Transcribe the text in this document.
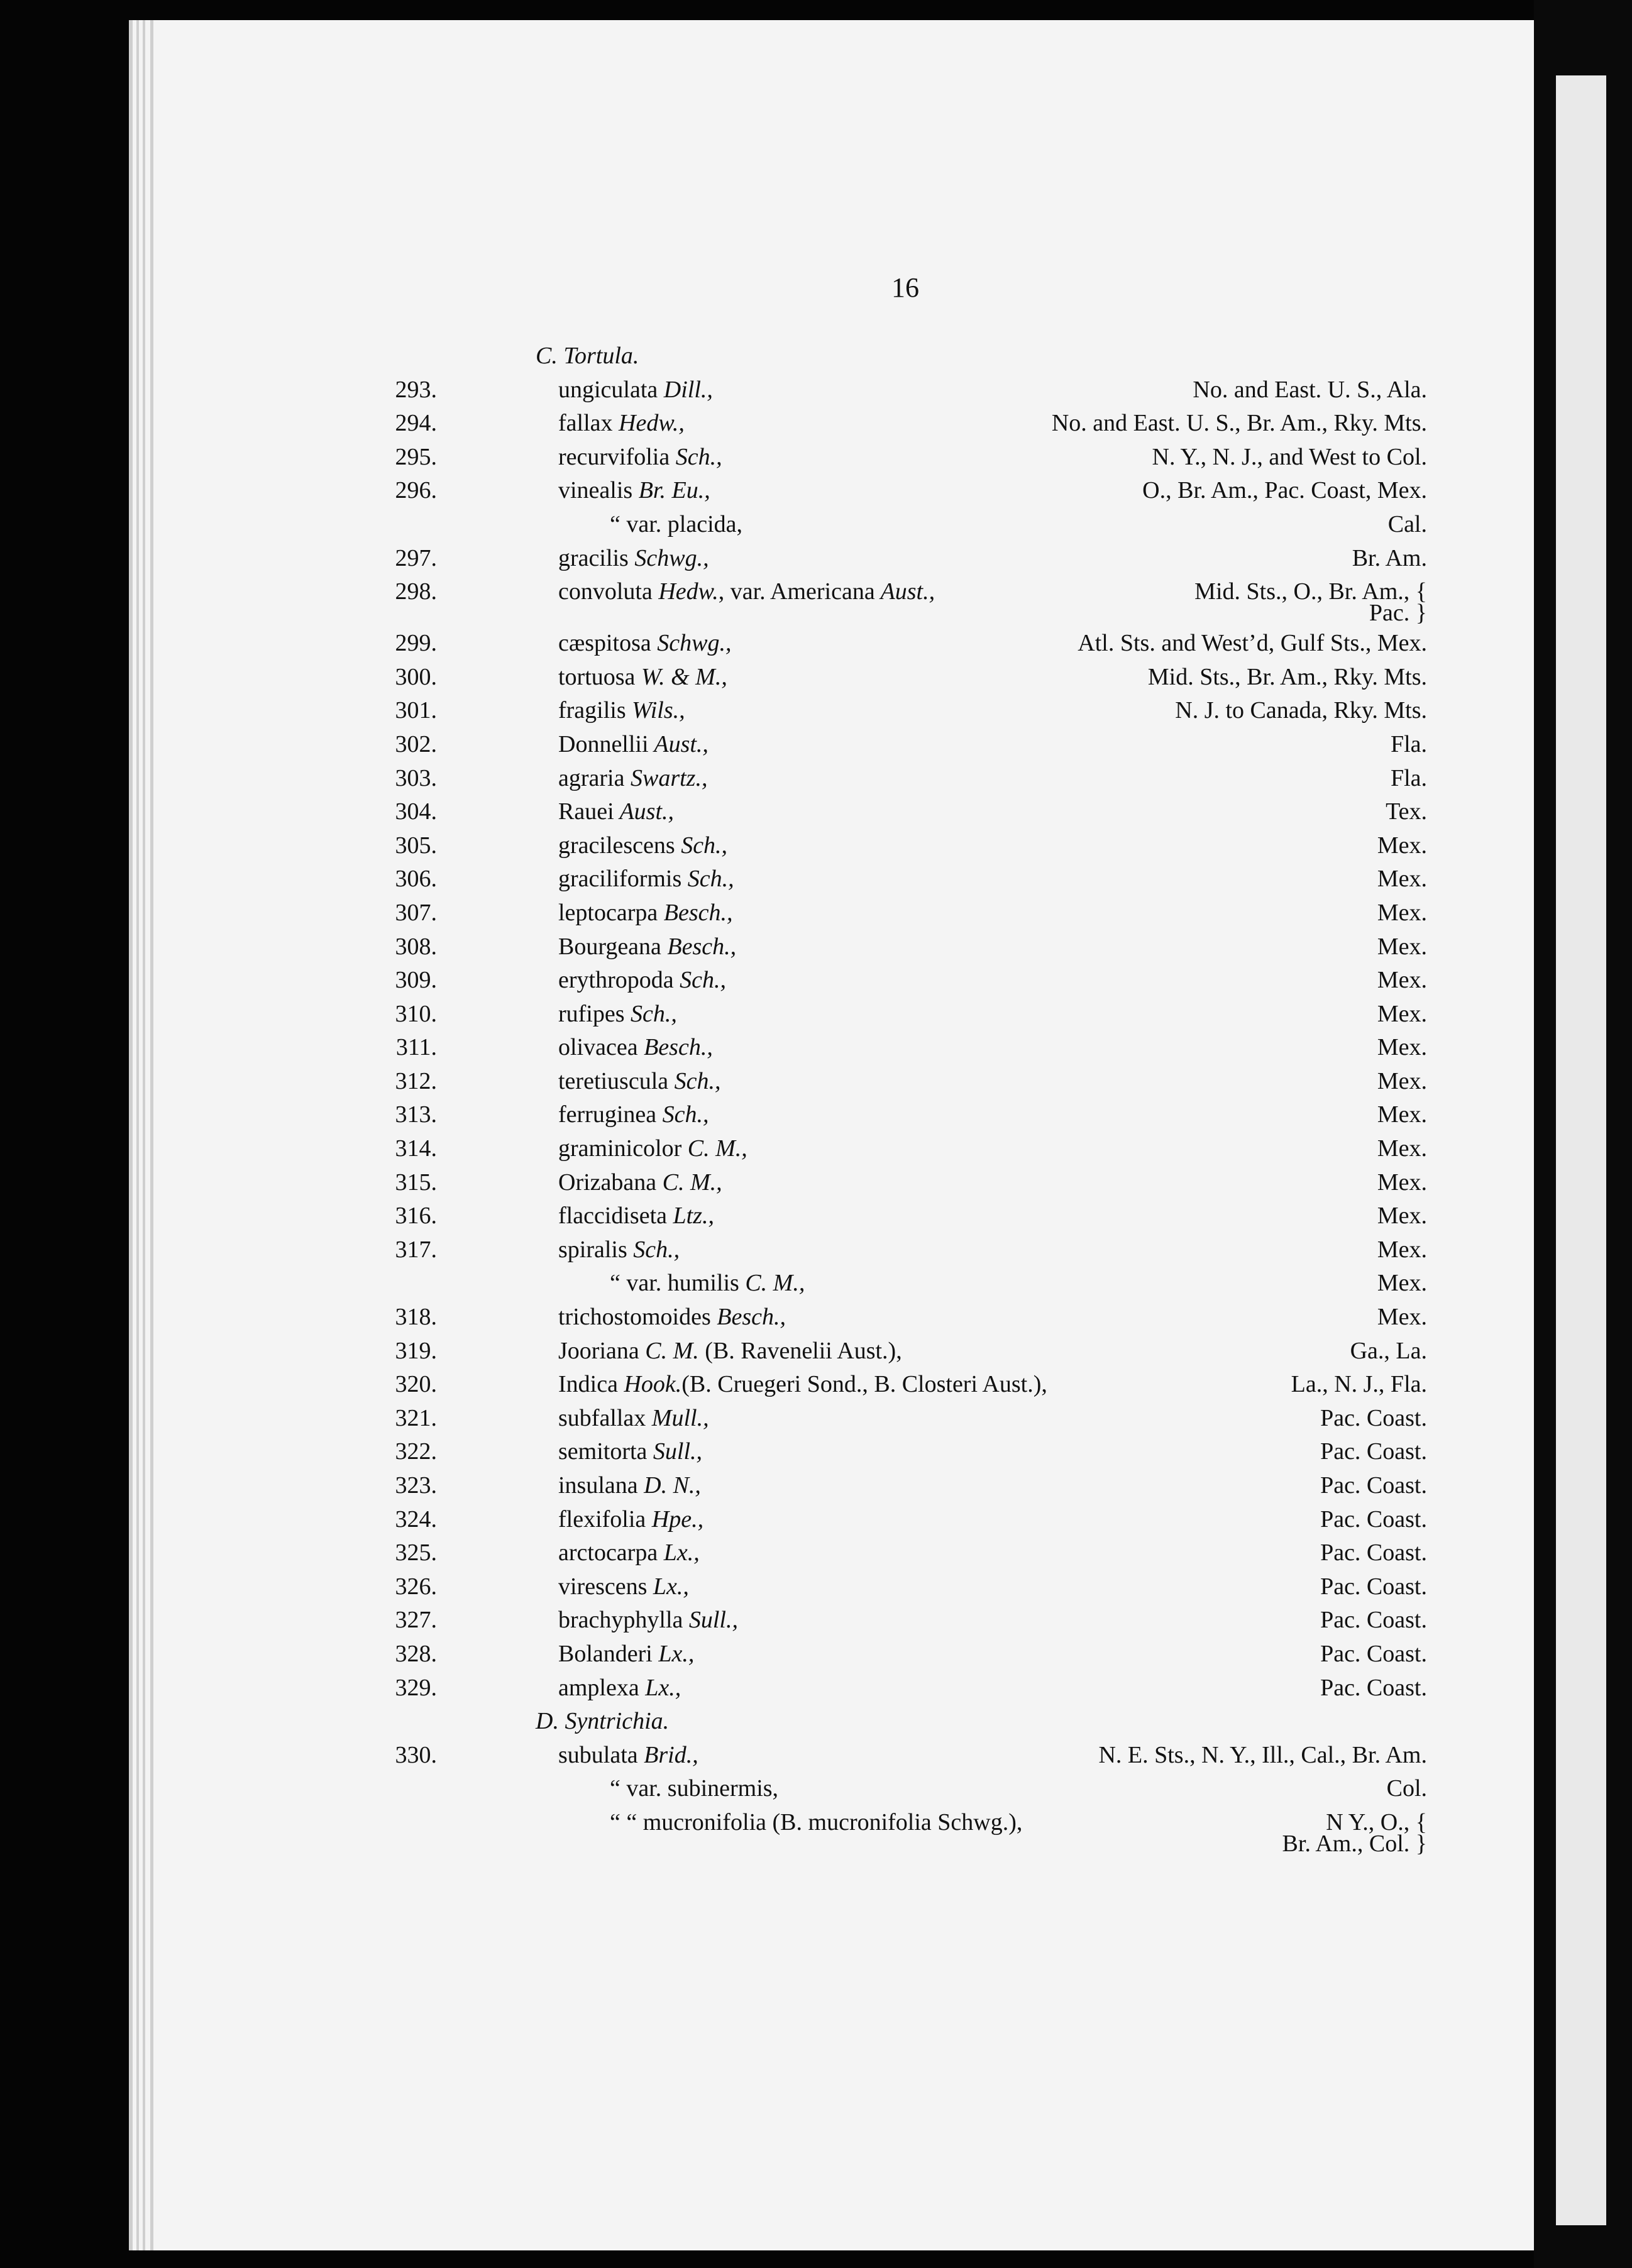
16
C. Tortula.
293.	ungiculata Dill.,	No. and East. U. S., Ala.
294.	fallax Hedw.,	No. and East. U. S., Br. Am., Rky. Mts.
295.	recurvifolia Sch.,	N. Y., N. J., and West to Col.
296.	vinealis Br. Eu.,	O., Br. Am., Pac. Coast, Mex.
“ var. placida,	Cal.
297.	gracilis Schwg.,	Br. Am.
298.	convoluta Hedw., var. Americana Aust.,	Mid. Sts., O., Br. Am., {
Pac. }
299.	cæspitosa Schwg.,	Atl. Sts. and West’d, Gulf Sts., Mex.
300.	tortuosa W. & M.,	Mid. Sts., Br. Am., Rky. Mts.
301.	fragilis Wils.,	N. J. to Canada, Rky. Mts.
302.	Donnellii Aust.,	Fla.
303.	agraria Swartz.,	Fla.
304.	Rauei Aust.,	Tex.
305.	gracilescens Sch.,	Mex.
306.	graciliformis Sch.,	Mex.
307.	leptocarpa Besch.,	Mex.
308.	Bourgeana Besch.,	Mex.
309.	erythropoda Sch.,	Mex.
310.	rufipes Sch.,	Mex.
311.	olivacea Besch.,	Mex.
312.	teretiuscula Sch.,	Mex.
313.	ferruginea Sch.,	Mex.
314.	graminicolor C. M.,	Mex.
315.	Orizabana C. M.,	Mex.
316.	flaccidiseta Ltz.,	Mex.
317.	spiralis Sch.,	Mex.
“ var. humilis C. M.,	Mex.
318.	trichostomoides Besch.,	Mex.
319.	Jooriana C. M. (B. Ravenelii Aust.),	Ga., La.
320.	Indica Hook.(B. Cruegeri Sond., B. Closteri Aust.),	La., N. J., Fla.
321.	subfallax Mull.,	Pac. Coast.
322.	semitorta Sull.,	Pac. Coast.
323.	insulana D. N.,	Pac. Coast.
324.	flexifolia Hpe.,	Pac. Coast.
325.	arctocarpa Lx.,	Pac. Coast.
326.	virescens Lx.,	Pac. Coast.
327.	brachyphylla Sull.,	Pac. Coast.
328.	Bolanderi Lx.,	Pac. Coast.
329.	amplexa Lx.,	Pac. Coast.
D. Syntrichia.
330.	subulata Brid.,	N. E. Sts., N. Y., Ill., Cal., Br. Am.
“ var. subinermis,	Col.
“ “ mucronifolia (B. mucronifolia Schwg.),	N Y., O., {
Br. Am., Col. }
